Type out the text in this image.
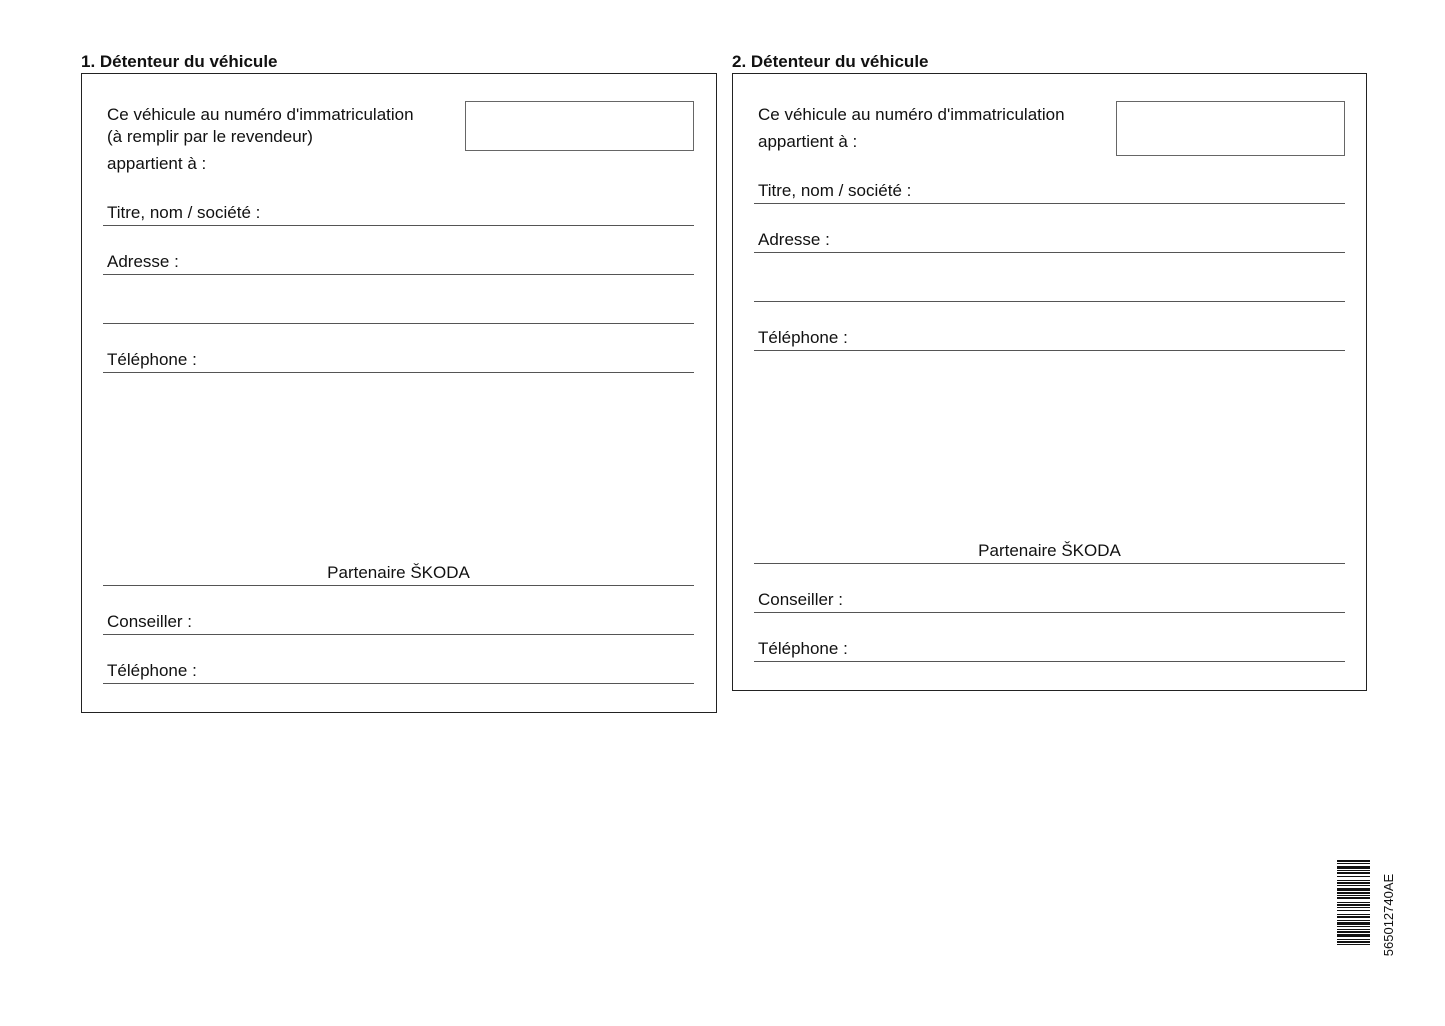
1. Détenteur du véhicule
Ce véhicule au numéro d'immatriculation
(à remplir par le revendeur)
appartient à :
Titre, nom / société :
Adresse :
Téléphone :
Partenaire ŠKODA
Conseiller :
Téléphone :
2. Détenteur du véhicule
Ce véhicule au numéro d'immatriculation
appartient à :
Titre, nom / société :
Adresse :
Téléphone :
Partenaire ŠKODA
Conseiller :
Téléphone :
565012740AE
